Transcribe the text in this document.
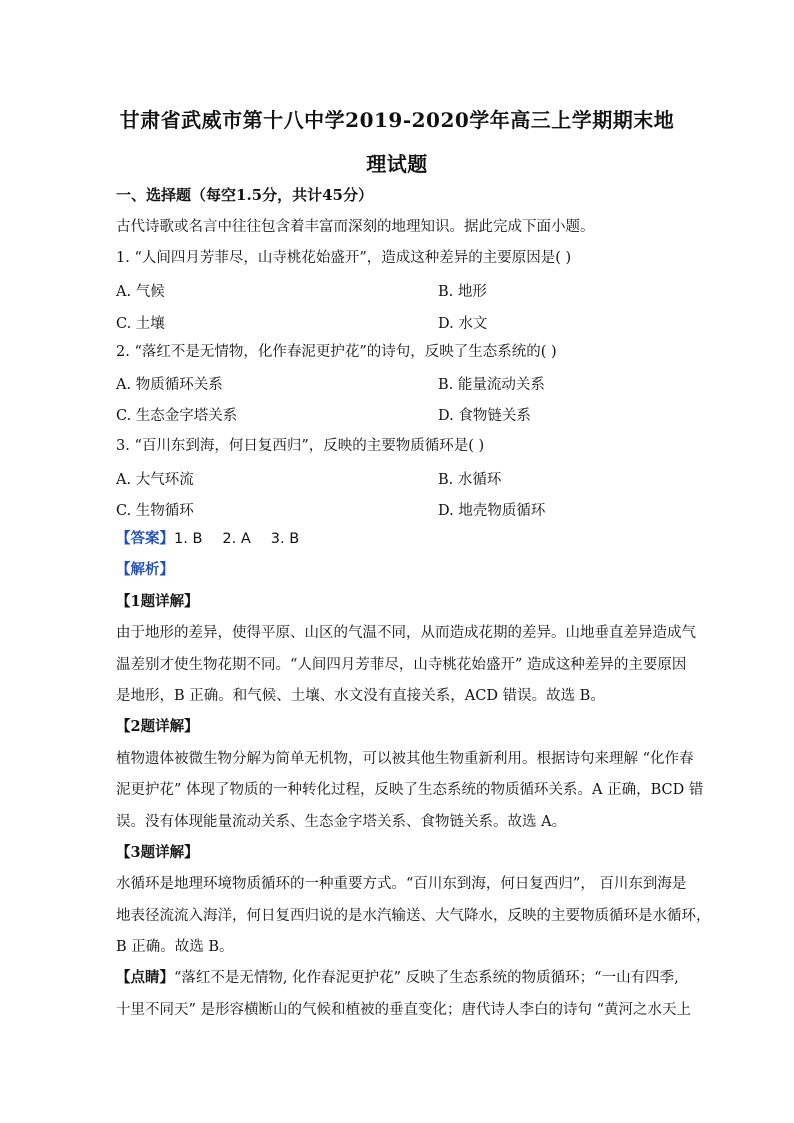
甘肃省武威市第十八中学2019-2020学年高三上学期期末地
理试题
一、选择题（每空1.5分，共计45分）
古代诗歌或名言中往往包含着丰富而深刻的地理知识。据此完成下面小题。
1. “人间四月芳菲尽，山寺桃花始盛开”，造成这种差异的主要原因是( )
A. 气候	B. 地形
C. 土壤	D. 水文
2. “落红不是无情物，化作春泥更护花”的诗句，反映了生态系统的( )
A. 物质循环关系	B. 能量流动关系
C. 生态金字塔关系	D. 食物链关系
3. “百川东到海，何日复西归”，反映的主要物质循环是( )
A. 大气环流	B. 水循环
C. 生物循环	D. 地壳物质循环
【答案】1. B 2. A 3. B
【解析】
【1题详解】
由于地形的差异，使得平原、山区的气温不同，从而造成花期的差异。山地垂直差异造成气
温差别才使生物花期不同。“人间四月芳菲尽，山寺桃花始盛开” 造成这种差异的主要原因
是地形，B 正确。和气候、土壤、水文没有直接关系，ACD 错误。故选 B。
【2题详解】
植物遗体被微生物分解为简单无机物，可以被其他生物重新利用。根据诗句来理解 “化作春
泥更护花” 体现了物质的一种转化过程，反映了生态系统的物质循环关系。A 正确，BCD 错
误。没有体现能量流动关系、生态金字塔关系、食物链关系。故选 A。
【3题详解】
水循环是地理环境物质循环的一种重要方式。“百川东到海，何日复西归”， 百川东到海是
地表径流流入海洋，何日复西归说的是水汽输送、大气降水，反映的主要物质循环是水循环，
B 正确。故选 B。
【点睛】“落红不是无情物, 化作春泥更护花” 反映了生态系统的物质循环；“一山有四季,
十里不同天” 是形容横断山的气候和植被的垂直变化；唐代诗人李白的诗句 “黄河之水天上
